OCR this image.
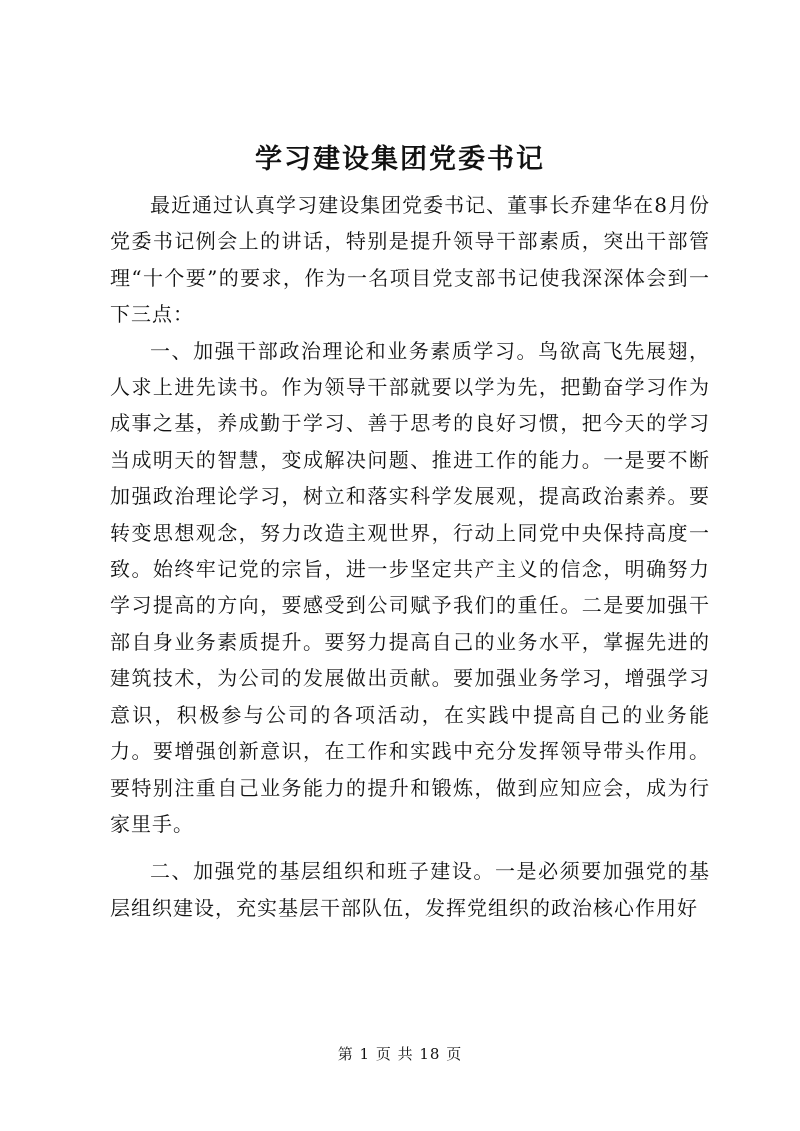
学习建设集团党委书记

最近通过认真学习建设集团党委书记、董事长乔建华在8月份党委书记例会上的讲话，特别是提升领导干部素质，突出干部管理“十个要”的要求，作为一名项目党支部书记使我深深体会到一下三点：

一、加强干部政治理论和业务素质学习。鸟欲高飞先展翅，人求上进先读书。作为领导干部就要以学为先，把勤奋学习作为成事之基，养成勤于学习、善于思考的良好习惯，把今天的学习当成明天的智慧，变成解决问题、推进工作的能力。一是要不断加强政治理论学习，树立和落实科学发展观，提高政治素养。要转变思想观念，努力改造主观世界，行动上同党中央保持高度一致。始终牢记党的宗旨，进一步坚定共产主义的信念，明确努力学习提高的方向，要感受到公司赋予我们的重任。二是要加强干部自身业务素质提升。要努力提高自己的业务水平，掌握先进的建筑技术，为公司的发展做出贡献。要加强业务学习，增强学习意识，积极参与公司的各项活动，在实践中提高自己的业务能力。要增强创新意识，在工作和实践中充分发挥领导带头作用。要特别注重自己业务能力的提升和锻炼，做到应知应会，成为行家里手。

二、加强党的基层组织和班子建设。一是必须要加强党的基层组织建设，充实基层干部队伍，发挥党组织的政治核心作用好

第 1 页 共 18 页
